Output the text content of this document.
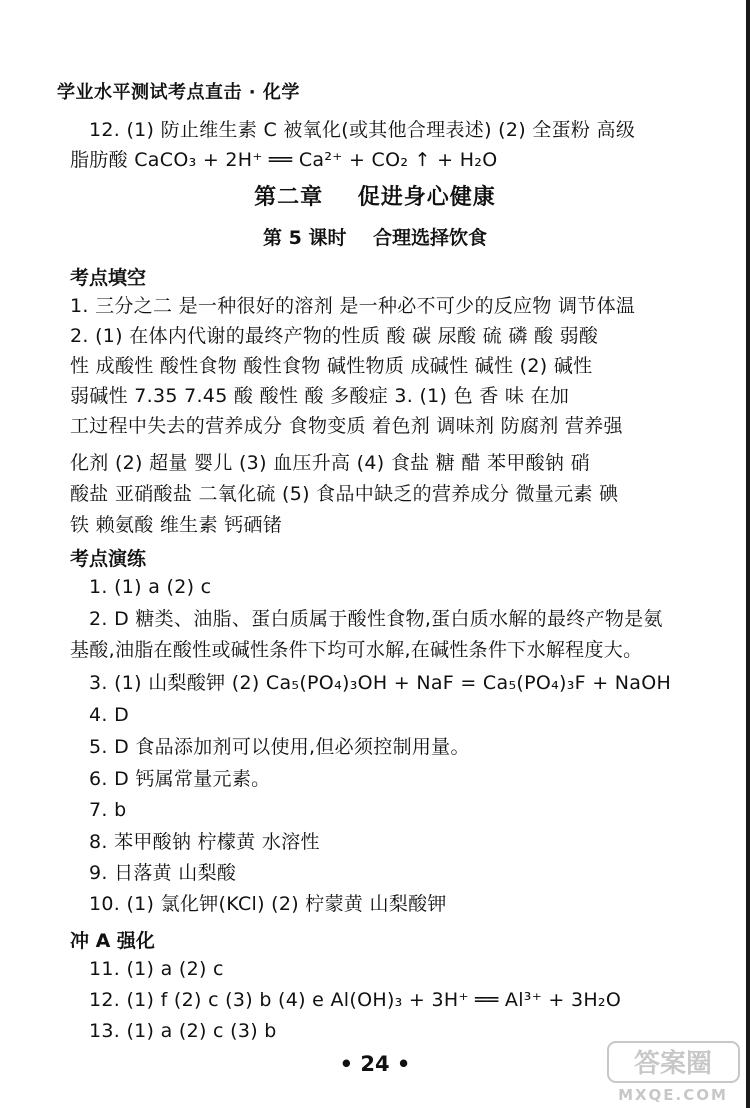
学业水平测试考点直击 · 化学
12. (1) 防止维生素 C 被氧化(或其他合理表述) (2) 全蛋粉 高级
脂肪酸 CaCO₃ + 2H⁺ ══ Ca²⁺ + CO₂ ↑ + H₂O
第二章    促进身心健康
第 5 课时    合理选择饮食
考点填空
1. 三分之二 是一种很好的溶剂 是一种必不可少的反应物 调节体温
2. (1) 在体内代谢的最终产物的性质 酸 碳 尿酸 硫 磷 酸 弱酸
性 成酸性 酸性食物 酸性食物 碱性物质 成碱性 碱性 (2) 碱性
弱碱性 7.35 7.45 酸 酸性 酸 多酸症 3. (1) 色 香 味 在加
工过程中失去的营养成分 食物变质 着色剂 调味剂 防腐剂 营养强
化剂 (2) 超量 婴儿 (3) 血压升高 (4) 食盐 糖 醋 苯甲酸钠 硝
酸盐 亚硝酸盐 二氧化硫 (5) 食品中缺乏的营养成分 微量元素 碘
铁 赖氨酸 维生素 钙硒锗
考点演练
1. (1) a (2) c
2. D 糖类、油脂、蛋白质属于酸性食物,蛋白质水解的最终产物是氨
基酸,油脂在酸性或碱性条件下均可水解,在碱性条件下水解程度大。
3. (1) 山梨酸钾 (2) Ca₅(PO₄)₃OH + NaF = Ca₅(PO₄)₃F + NaOH
4. D
5. D 食品添加剂可以使用,但必须控制用量。
6. D 钙属常量元素。
7. b
8. 苯甲酸钠 柠檬黄 水溶性
9. 日落黄 山梨酸
10. (1) 氯化钾(KCl) (2) 柠蒙黄 山梨酸钾
冲 A 强化
11. (1) a (2) c
12. (1) f (2) c (3) b (4) e Al(OH)₃ + 3H⁺ ══ Al³⁺ + 3H₂O
13. (1) a (2) c (3) b
• 24 •	答案圈
MXQE.COM
